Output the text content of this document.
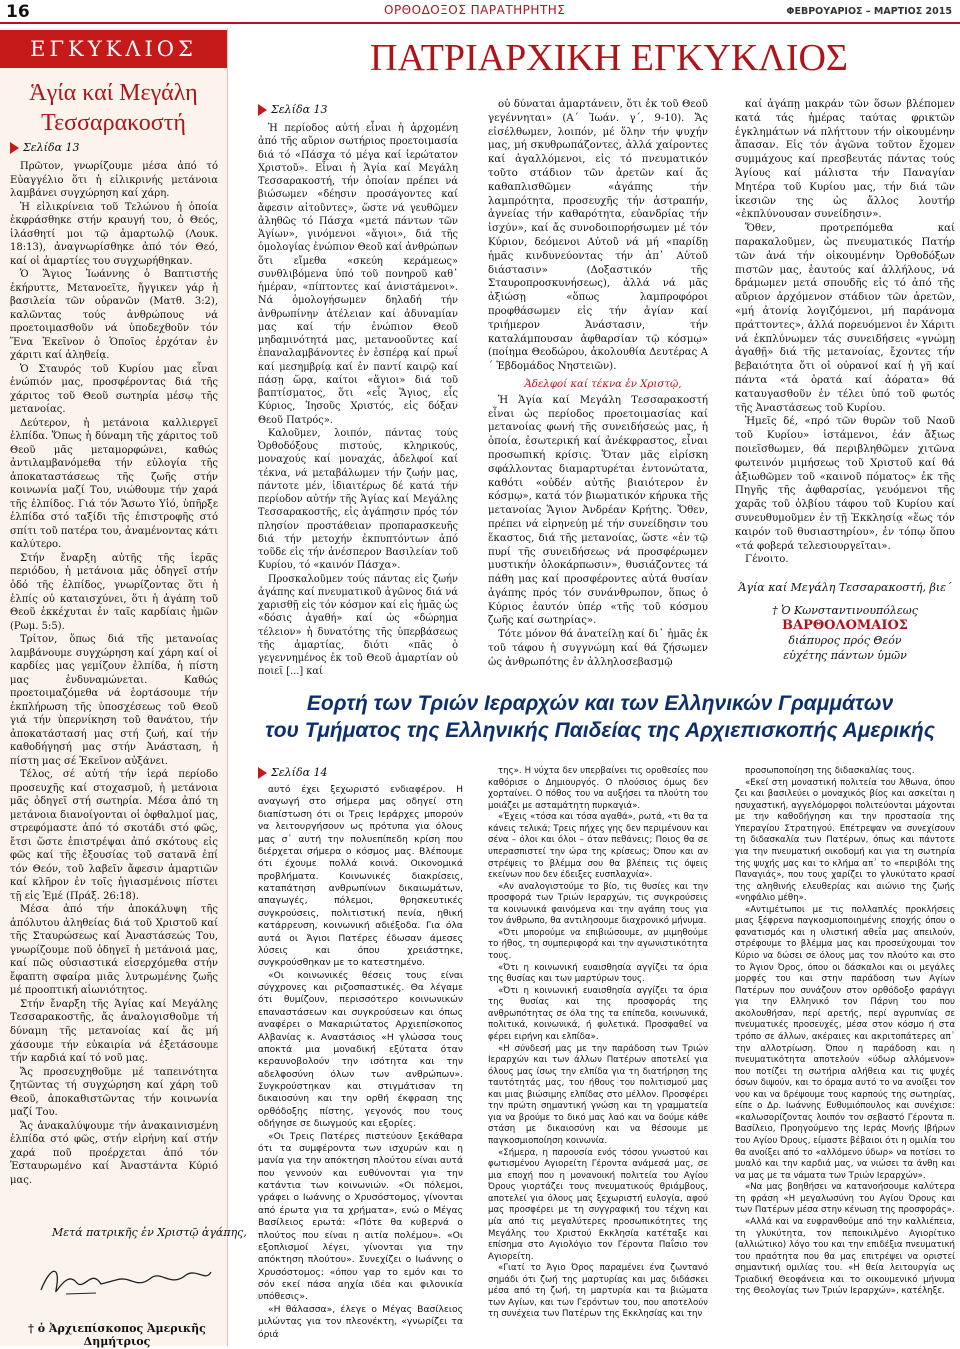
16	ΟΡΘΟΔΟΞΟΣ ΠΑΡΑΤΗΡΗΤΗΣ	ΦΕΒΡΟΥΑΡΙΟΣ – ΜΑΡΤΙΟΣ 2015
ΕΓΚΥΚΛΙΟΣ
Ἁγία καί Μεγάλη
Τεσσαρακοστή
Σελίδα 13

Πρῶτον, γνωρίζουμε μέσα ἀπό τό Εὐαγγέλιο ὅτι ἡ εἰλικρινής μετάνοια λαμβάνει συγχώρηση καί χάρη.

Ἡ εἰλικρίνεια τοῦ Τελώνου ἡ ὁποία ἐκφράσθηκε στήν κραυγή του, ὁ Θεός, ἱλάσθητί μοι τῷ ἁμαρτωλῷ (Λουκ. 18:13), ἀναγνωρίσθηκε ἀπό τόν Θεό, καί οἱ ἁμαρτίες του συγχωρήθηκαν.

Ὁ Ἅγιος Ἰωάννης ὁ Βαπτιστής ἐκήρυττε, Μετανοεῖτε, ἤγγικεν γάρ ἡ βασιλεία τῶν οὐρανῶν (Ματθ. 3:2), καλῶντας τούς ἀνθρώπους νά προετοιμασθοῦν νά ὑποδεχθοῦν τόν Ἕνα Ἐκεῖνον ὁ Ὁποῖος ἐρχόταν ἐν χάριτι καί ἀληθείᾳ.

Ὁ Σταυρός τοῦ Κυρίου μας εἶναι ἐνώπιόν μας, προσφέροντας διά τῆς χάριτος τοῦ Θεοῦ σωτηρία μέσῳ τῆς μετανοίας.

Δεύτερον, ἡ μετάνοια καλλιεργεῖ ἐλπίδα. Ὅπως ἡ δύναμη τῆς χάριτος τοῦ Θεοῦ μᾶς μεταμορφώνει, καθώς ἀντιλαμβανόμεθα τήν εὐλογία τῆς ἀποκαταστάσεως τῆς ζωῆς στήν κοινωνία μαζί Του, νιώθουμε τήν χαρά τῆς ἐλπίδος. Γιά τόν Ἄσωτο Υἱό, ὑπῆρξε ἐλπίδα στό ταξίδι τῆς ἐπιστροφῆς στό σπίτι τοῦ πατέρα του, ἀναμένοντας κάτι καλύτερο.

Στήν ἔναρξη αὐτῆς τῆς ἱερᾶς περιόδου, ἡ μετάνοια μᾶς ὁδηγεῖ στήν ὁδό τῆς ἐλπίδος, γνωρίζοντας ὅτι ἡ ἐλπίς οὐ καταισχύνει, ὅτι ἡ ἀγάπη τοῦ Θεοῦ ἐκκέχυται ἐν ταῖς καρδίαις ἡμῶν (Ρωμ. 5:5).

Τρίτον, ὅπως διά τῆς μετανοίας λαμβάνουμε συγχώρηση καί χάρη καί οἱ καρδίες μας γεμίζουν ἐλπίδα, ἡ πίστη μας ἐνδυναμώνεται. Καθώς προετοιμαζόμεθα νά ἑορτάσουμε τήν ἐκπλήρωση τῆς ὑποσχέσεως τοῦ Θεοῦ γιά τήν ὑπερνίκηση τοῦ θανάτου, τήν ἀποκατάστασή μας στή ζωή, καί τήν καθοδήγησή μας στήν Ἀνάσταση, ἡ πίστη μας σέ Ἐκεῖνον αὐξάνει.

Τέλος, σέ αὐτή τήν ἱερά περίοδο προσευχῆς καί στοχασμοῦ, ἡ μετάνοια μᾶς ὁδηγεῖ στή σωτηρία. Μέσα ἀπό τη μετάνοια διανοίγονται οἱ ὀφθαλμοί μας, στρεφόμαστε ἀπό τό σκοτάδι στό φῶς, ἔτσι ὥστε ἐπιστρέψαι ἀπό σκότους εἰς φῶς καί τῆς ἐξουσίας τοῦ σατανᾶ ἐπί τόν Θεόν, τοῦ λαβεῖν ἄφεσιν ἁμαρτιῶν καί κλῆρον ἐν τοῖς ἡγιασμένοις πίστει τῇ εἰς Ἐμέ (Πράξ. 26:18).

Μέσα ἀπό τήν ἀποκάλυψη τῆς ἀπόλυτου ἀληθείας διά τοῦ Χριστοῦ καί τῆς Σταυρώσεως καί Ἀναστάσεώς Του, γνωρίζουμε ποῦ ὁδηγεῖ ἡ μετάνοιά μας, καί πῶς οὐσιαστικά εἰσερχόμεθα στήν ἔφαπτη σφαίρα μιᾶς λυτρωμένης ζωῆς μέ προοπτική αἰωνιότητος.

Στήν ἔναρξη τῆς Ἁγίας καί Μεγάλης Τεσσαρακοστῆς, ἄς ἀναλογισθοῦμε τή δύναμη τῆς μετανοίας καί ἄς μή χάσουμε τήν εὐκαιρία νά ἐξετάσουμε τήν καρδιά καί τό νοῦ μας.

Ἄς προσευχηθοῦμε μέ ταπεινότητα ζητῶντας τή συγχώρηση καί χάρη τοῦ Θεοῦ, ἀποκαθιστῶντας τήν κοινωνία μαζί Του.

Ἄς ἀνακαλύψουμε τήν ἀνακαινισμένη ἐλπίδα στό φῶς, στήν εἰρήνη καί στήν χαρά ποῦ προέρχεται ἀπό τόν Ἐσταυρωμένο καί Ἀναστάντα Κύριό μας.

Μετά πατρικῆς ἐν Χριστῷ ἀγάπης,
† ὁ Ἀρχιεπίσκοπος Ἀμερικῆς Δημήτριος
ΠΑΤΡΙΑΡΧΙΚΗ ΕΓΚΥΚΛΙΟΣ
Σελίδα 13

Ἡ περίοδος αὐτή εἶναι ἡ ἀρχομένη ἀπό τῆς αὔριον σωτήριος προετοιμασία διά τό «Πάσχα τό μέγα καί ἱερώτατον Χριστοῦ». Εἶναι ἡ Ἁγία καί Μεγάλη Τεσσαρακοστή, τήν ὁποίαν πρέπει νά βιώσωμεν «δέησιν προσάγοντες καί ἄφεσιν αἰτοῦντες», ὥστε νά γευθῶμεν ἀληθῶς τό Πάσχα «μετά πάντων τῶν Ἁγίων», γινόμενοι «ἅγιοι», διά τῆς ὁμολογίας ἐνώπιον Θεοῦ καί ἀνθρώπων ὅτι εἴμεθα «σκεύη κεράμεως» συνθλιβόμενα ὑπό τοῦ πονηροῦ καθ᾽ ἡμέραν, «πίπτοντες καί ἀνιστάμενοι». Νά ὁμολογήσωμεν δηλαδή τήν ἀνθρωπίνην ἀτέλειαν καί ἀδυναμίαν μας καί τήν ἐνώπιον Θεοῦ μηδαμινότητά μας, μετανοοῦντες καί ἐπαναλαμβάνοντες ἐν ἑσπέρᾳ καί πρωΐ καί μεσημβρίᾳ καί ἐν παντί καιρῷ καί πάσῃ ὥρᾳ, καίτοι «ἅγιοι» διά τοῦ βαπτίσματος, ὅτι «εἷς Ἅγιος, εἷς Κύριος, Ἰησοῦς Χριστός, εἰς δόξαν Θεοῦ Πατρός».

Καλοῦμεν, λοιπόν, πάντας τούς Ὀρθοδόξους πιστούς, κληρικούς, μοναχούς καί μοναχάς, ἀδελφοί καί τέκνα, νά μεταβάλωμεν τήν ζωήν μας, πάντοτε μέν, ἰδιαιτέρως δέ κατά τήν περίοδον αὐτήν τῆς Ἁγίας καί Μεγάλης Τεσσαρακοστῆς, εἰς ἀγάπησιν πρός τόν πλησίον προστάθειαν προπαρασκευῆς διά τήν μετοχήν ἐκπυπτόντων ἀπό τοῦδε εἰς τήν ἀνέσπερον Βασιλείαν τοῦ Κυρίου, τό «καινόν Πάσχα».

Προσκαλοῦμεν τούς πάντας εἰς ζωήν ἀγάπης καί πνευματικοῦ ἀγῶνος διά νά χαρισθῇ εἰς τόν κόσμον καί εἰς ἡμᾶς ὡς «δόσις ἀγαθή» καί ὡς «δώρημα τέλειον» ἡ δυνατότης τῆς ὑπερβάσεως τῆς ἁμαρτίας, διότι «πᾶς ὁ γεγεννημένος ἐκ τοῦ Θεοῦ ἁμαρτίαν οὐ ποιεῖ [...] καί

οὐ δύναται ἁμαρτάνειν, ὅτι ἐκ τοῦ Θεοῦ γεγέννηται» (Α´ Ἰωάν. γ´, 9-10). Ἄς εἰσέλθωμεν, λοιπόν, μέ ὅλην τήν ψυχήν μας, μή σκυθρωπάζοντες, ἀλλά χαίροντες καί ἀγαλλόμενοι, εἰς τό πνευματικόν τοῦτο στάδιον τῶν ἀρετῶν καί ἄς καθαπλισθῶμεν «ἀγάπης τήν λαμπρότητα, προσευχῆς τήν ἀστραπήν, ἁγνείας τήν καθαρότητα, εὐανδρίας τήν ἰσχύν», καί ἄς συνοδοιπορήσωμεν μέ τόν Κύριον, δεόμενοι Αὐτοῦ νά μή «παρίδῃ ἡμᾶς κινδυνεύοντας τήν ἀπ᾽ Αὐτοῦ διάστασιν» (Δοξαστικόν τῆς Σταυροπροσκυνήσεως), ἀλλά νά μᾶς ἀξιώσῃ «ὅπως λαμπροφόροι προφθάσωμεν εἰς τήν ἁγίαν καί τριήμερον Ἀνάστασιν, τήν καταλάμπουσαν ἀφθαρσίαν τῷ κόσμῳ» (ποίημα Θεοδώρου, ἀκολουθία Δευτέρας Α´ Ἑβδομάδος Νηστειῶν).

Ἀδελφοί καί τέκνα ἐν Χριστῷ,

Ἡ Ἁγία καί Μεγάλη Τεσσαρακοστή εἶναι ὡς περίοδος προετοιμασίας καί μετανοίας φωνή τῆς συνειδήσεώς μας, ἡ ὁποία, ἐσωτερική καί ἀνέκφραστος, εἶναι προσωπική κρίσις. Ὅταν μᾶς εἰρίσκη σφάλλοντας διαμαρτυρέται ἐντονώτατα, καθότι «οὐδέν αὐτῆς βιαιότερον ἐν κόσμῳ», κατά τόν βιωματικόν κήρυκα τῆς μετανοίας Ἅγιον Ἀνδρέαν Κρήτης. Ὅθεν, πρέπει νά εἰρηνεύῃ μέ τήν συνείδησιν του ἕκαστος, διά τῆς μετανοίας, ὥστε «ἐν τῷ πυρί τῆς συνειδήσεως νά προσφέρωμεν μυστικήν ὁλοκάρπωσιν», θυσιάζοντες τά πάθη μας καί προσφέροντες αὐτά θυσίαν ἀγάπης πρός τόν συνάνθρωπον, ὅπως ὁ Κύριος ἐαυτόν ὑπέρ «τῆς τοῦ κόσμου ζωῆς καί σωτηρίας».

Τότε μόνον θά ἀνατείλῃ καί δι᾽ ἡμᾶς ἐκ τοῦ τάφου ἡ συγγνώμη καί θά ζήσωμεν ὡς ἀνθρωπότης ἐν ἀλληλοσεβασμῷ

καί ἀγάπῃ μακράν τῶν ὅσων βλέπομεν κατά τάς ἡμέρας ταύτας φρικτῶν ἐγκλημάτων νά πλήττουν τήν οἰκουμένην ἅπασαν. Εἰς τόν ἀγῶνα τοῦτον ἔχομεν συμμάχους καί πρεσβευτάς πάντας τούς Ἁγίους καί μάλιστα τήν Παναγίαν Μητέρα τοῦ Κυρίου μας, τήν διά τῶν ἱκεσιῶν της ὡς ἄλλος λουτήρ «ἐκπλύνουσαν συνείδησιν».

Ὅθεν, προτρεπόμεθα καί παρακαλοῦμεν, ὡς πνευματικός Πατήρ τῶν ἀνά τήν οἰκουμένην Ὀρθοδόξων πιστῶν μας, ἑαυτούς καί ἀλλήλους, νά δράμωμεν μετά σπουδῆς εἰς τό ἀπό τῆς αὔριον ἀρχόμενον στάδιον τῶν ἀρετῶν, «μή ἀτονίᾳ λογιζόμενοι, μή παράνομα πράττοντες», ἀλλά πορευόμενοι ἐν Χάριτι νά ἐκπλύνωμεν τάς συνειδήσεις «γνώμῃ ἀγαθῇ» διά τῆς μετανοίας, ἔχοντες τήν βεβαιότητα ὅτι οἱ οὐρανοί καί ἡ γῆ καί πάντα «τά ὁρατά καί ἀόρατα» θά καταυγασθοῦν ἐν τέλει ὑπό τοῦ φωτός τῆς Ἀναστάσεως τοῦ Κυρίου.

Ἡμεῖς δέ, «πρό τῶν θυρῶν τοῦ Ναοῦ τοῦ Κυρίου» ἱστάμενοι, ἐάν ἄξιως ποιεῖσθωμεν, θά περιβληθῶμεν χιτῶνα φωτεινόν μιμήσεως τοῦ Χριστοῦ καί θά ἀξιωθῶμεν τοῦ «καινοῦ πόματος» ἐκ τῆς Πηγῆς τῆς ἀφθαρσίας, γευόμενοι τῆς χαρᾶς τοῦ ὀλβίου τάφου τοῦ Κυρίου καί συνευθυμοῦμεν ἐν τῇ Ἐκκλησίᾳ «ἕως τόν καιρόν τοῦ θυσιαστηρίου», ἐν τόπῳ ὅπου «τά φοβερά τελεσιουργεῖται».

Γένοιτο.

Ἁγία καί Μεγάλη Τεσσαρακοστή, βιε´
† Ὁ Κωνσταντινουπόλεως
ΒΑΡΘΟΛΟΜΑΙΟΣ
διάπυρος πρός Θεόν
εὐχέτης πάντων ὑμῶν
Εορτή των Τριών Ιεραρχών και των Ελληνικών Γραμμάτων
του Τμήματος της Ελληνικής Παιδείας της Αρχιεπισκοπής Αμερικής
Σελίδα 14

αυτό έχει ξεχωριστό ενδιαφέρον. Η αναγωγή στο σήμερα μας οδηγεί στη διαπίστωση ότι οι Τρεις Ιεράρχες μπορούν να λειτουργήσουν ως πρότυπα για όλους μας σ᾽ αυτή την πολυεπίπεδη κρίση που διέρχεται σήμερα ο κόσμος μας. Βλέπουμε ότι έχουμε πολλά κοινά. Οικονομικά προβλήματα. Κοινωνικές διακρίσεις, καταπάτηση ανθρωπίνων δικαιωμάτων, απαγωγές, πόλεμοι, θρησκευτικές συγκρούσεις, πολιτιστική πενία, ηθική κατάρρευση, κοινωνική αδιέξοδα. Για όλα αυτά οι Άγιοι Πατέρες έδωσαν άμεσες λύσεις και όπου χρειάστηκε, συγκρούσθηκαν με το κατεστημένο.

«Οι κοινωνικές θέσεις τους είναι σύγχρονες και ριζοσπαστικές. Θα λέγαμε ότι θυμίζουν, περισσότερο κοινωνικών επαναστάσεων και συγκρούσεων και όπως αναφέρει ο Μακαριώτατος Αρχιεπίσκοπος Αλβανίας κ. Αναστάσιος «Η γλώσσα τους αποκτά μια μοναδική εξύτατα όταν κεραυνοβολούν την ισότητα και την αδελφοσύνη όλων των ανθρώπων». Συγκρούστηκαν και στιγμάτισαν τη δικαιοσύνη και την ορθή έκφραση της ορθόδοξης πίστης, γεγονός που τους οδήγησε σε διωγμούς και εξορίες.

«Οι Τρεις Πατέρες πιστεύουν ξεκάθαρα ότι τα συμφέροντα των ισχυρών και η μανία για την απόκτηση πλούτου είναι αυτά που γεννούν και ευθύνονται για την κατάντια των κοινωνιών. «Οι πόλεμοι, γράφει ο Ιωάννης ο Χρυσόστομος, γίνονται από έρωτα για τα χρήματα», ενώ ο Μέγας Βασίλειος ερωτά: «Πότε θα κυβερνά ο πλούτος που είναι η αιτία πολέμου». «Οι εξοπλισμοί λέγει, γίνονται για την απόκτηση πλούτου». Συνεχίζει ο Ιωάννης ο Χρυσόστομος: «όπου γαρ το εμόν και το σόν εκεί πάσα αηχία ιδέα και φιλονικία υπόθεσις».

«Η θάλασσα», έλεγε ο Μέγας Βασίλειος μιλώντας για τον πλεονέκτη, «γνωρίζει τα όριά

της». Η νύχτα δεν υπερβαίνει τις οροθεσίες που καθόρισε ο Δημιουργός. Ο πλούσιος όμως δεν χορταίνει. Ο πόθος του να αυξήσει τα πλούτη του μοιάζει με ασταμάτητη πυρκαγιά».

«Έχεις «τόσα και τόσα αγαθά», ρωτά, «τι θα τα κάνεις τελικά; Τρεις πήχες γης δεν περιμένουν και σένα – όλοι και όλοι – όταν πεθάνεις; Ποιος θα σε υπερασπιστεί την ώρα της κρίσεως; Όπου και αν στρέψεις το βλέμμα σου θα βλέπεις τις όψεις εκείνων που δεν έδειξες ευσπλαχνία».

«Αν αναλογιστούμε το βίο, τις θυσίες και την προσφορά των Τριών Ιεραρχών, τις συγκρούσεις τα κοινωνικά φαινόμενα και την αγάπη τους για τον άνθρωπο, θα αντιλησουμε διαχρονικό μήνυμα.

«Ότι μπορούμε να επιβιώσουμε, αν μιμηθούμε το ήθος, τη συμπεριφορά και την αγωνιστικότητα τους.

«Ότι η κοινωνική ευαισθησία αγγίζει τα όρια της θυσίας και των μαρτύρων τους.

«Ότι η κοινωνική ευαισθησία αγγίζει τα όρια της θυσίας και της προσφοράς της ανθρωπότητας σε όλα της τα επίπεδα, κοινωνικά, πολιτικά, κοινωνικά, ή φυλετικά. Προσφαθεί να φέρει ειρήνη και ελπίδα».

«Η σύνδεσή μας με την παράδοση των Τριών Ιεραρχών και των άλλων Πατέρων αποτελεί για όλους μας ίσως την ελπίδα για τη διατήρηση της ταυτότητάς μας, του ήθους του πολιτισμού μας και μιας βιώσιμης ελπίδας στο μέλλον. Προσφέρει την πρώτη σημαντική γνώση και τη γραμματεία για να βρούμε το δικό μας λαό και να δούμε κάθε στάση με δικαιοσύνη και να θέσουμε με παγκοσμιοποίηση κοινωνία.

«Σήμερα, η παρουσία ενός τόσου γνωστού και φωτισμένου Αγιορείτη Γέροντα ανάμεσά μας, σε μια εποχή που η μονανοική πολιτεία του Αγίου Όρους γιορτάζει τους πνευματικούς θριάμβους, αποτελεί για όλους μας ξεχωριστή ευλογία, αφού μας προσφέρει με τη συγγραφική του τέχνη και μία από τις μεγαλύτερες προσωπικότητες της Μεγάλης του Χριστού Εκκλησία κατέταξε και επίσημα στο Αγιολόγιο τον Γέροντα Παΐσιο τον Αγιορείτη.

«Γιατί το Άγιο Όρος παραμένει ένα ζωντανό σημάδι ότι ζωή της μαρτυρίας και μας διδάσκει μέσα από τη ζωή, τη μαρτυρία και τα βιώματα των Αγίων, και των Γερόντων του, που αποτελούν τη συνέχεια των Πατέρων της Εκκλησίας και την

προσωποποίηση της διδασκαλίας τους.

«Εκεί στη μοναστική πολιτεία του Άθωνα, όπου ζει και βασιλεύει ο μοναχικός βίος και ασκείται η ησυχαστική, αγγελόμορφοι πολιτεύονται μάχονται με την καθοδήγηση και την προστασία της Υπεραγίου Στρατηγού. Επέτρεψαν να συνεχίσουν τη διδασκαλία των Πατέρων, όπως και πάντοτε για την πνευματική οικοδομή και για τη σωτηρία της ψυχής μας και το κλήμα απ᾽ το «περιβόλι της Παναγιάς», που τους χαρίζει το γλυκύτατο κρασί της αληθινής ελευθερίας και αιώνιο της ζωής «νηφάλιο μέθη».

«Αντιμέτωποι με τις πολλαπλές προκλήσεις μιας ξέφρενα παγκοσμιοποιημένης εποχής όπου ο φανατισμός και η υλιστική αθεΐα μας απειλούν, στρέφουμε το βλέμμα μας και προσεύχουμαι τον Κύριο να δώσει σε όλους μας τον πλούτο και στο το Άγιον Όρος, όπου οι δάσκαλοι και οι μεγάλες μορφές του και στην παράδοση των Αγίων Πατέρων που συνάζουν στον ορθόδοξο φαράγγι για την Ελληνικό τον Πάρνη του που ακολουθήσαν, περί αρετής, περί αγρυπνίας σε πνευματικές προσευχές, μέσα στον κόσμο ή στα τρόπο σε άλλων, ακέραιες και ακριτοπάτερες απ᾽ την αλλοτρίωση. Όπου η παράδοση και η πνευματικότητα αποτελούν «ύδωρ αλλόμενον» που ποτίζει τη σωτήρια αλήθεια και τις ψυχές όσων διψούν, και το όραμα αυτό το να ανοίξει τον νου και να δρέψουμε τους καρπούς της σωτηρίας, είπε ο Δρ. Ιωάννης Ευθυμιόπουλος και συνέχισε: «καλωσορίζοντας λοιπόν τον σεβαστό Γέροντα π. Βασίλειο, Προηγούμενο της Ιεράς Μονής Ιβήρων του Αγίου Όρους, είμαστε βέβαιοι ότι η ομιλία του θα ανοίξει από το «αλλόμενο ύδωρ» να ποτίσει το μυαλό και την καρδιά μας, να νιώσει τα άνθη και να μας με τα νάματα των Τριών Ιεραρχών».

«Να μας βοηθήσει να κατανοήσουμε καλύτερα τη φράση «Η μεγαλωσύνη του Αγίου Όρους και των Πατέρων μέσα στην κένωση της προσφοράς».

«Αλλά και να ευφρανθούμε από την καλλιέπεια, τη γλυκύτητα, τον πεποικιλμένο Αγιορίτικο (αλλιώτικο) λόγο του και την επιδέξια πνευματική του πραότητα που θα μας επιτρέψει να οριστεί σημαντική ομιλίας του. «Η θεία λειτουργία ως Τριαδική Θεοφάνεια και το οικουμενικό μήνυμα της Θεολογίας των Τριών Ιεραρχών», κατέληξε.
